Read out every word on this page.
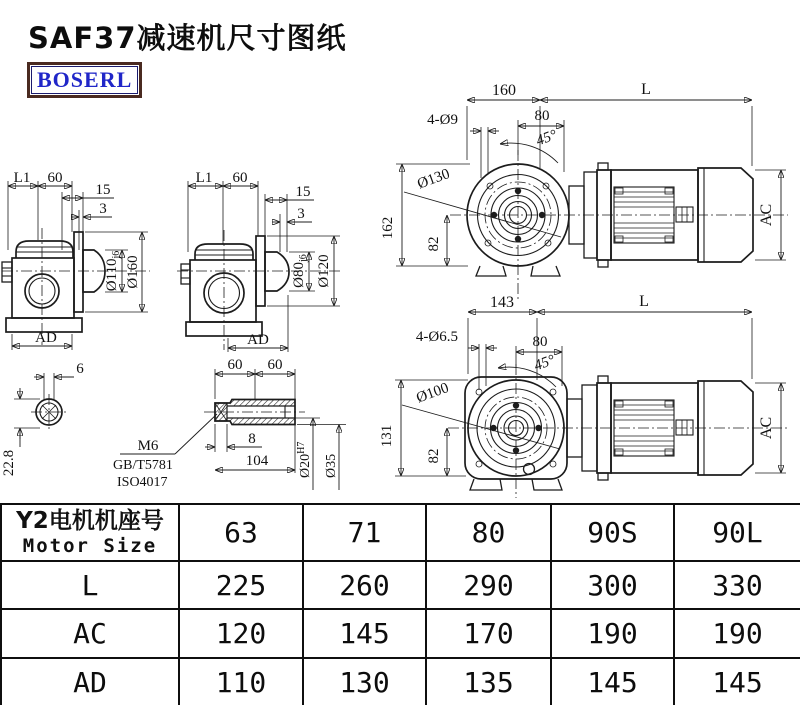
SAF37减速机尺寸图纸
BOSERL
L1 60
15
3
$Ø110_{j6}$
Ø160
AD
L1 60
15
3
$Ø80_{j6}$ Ø120
AD
6
22.8
M6
GB/T5781
ISO4017
60 60
8
104 $Ø20^{H7}$
Ø35
160	L
4-Ø9	80
45°
Ø130
162
82
AC
143	L
4-Ø6.5	80
45°
Ø100
131
82
AC
Y2电机机座号
Motor Size	63	71	80	90S	90L
L	225	260	290	300	330
AC	120	145	170	190	190
AD	110	130	135	145	145
